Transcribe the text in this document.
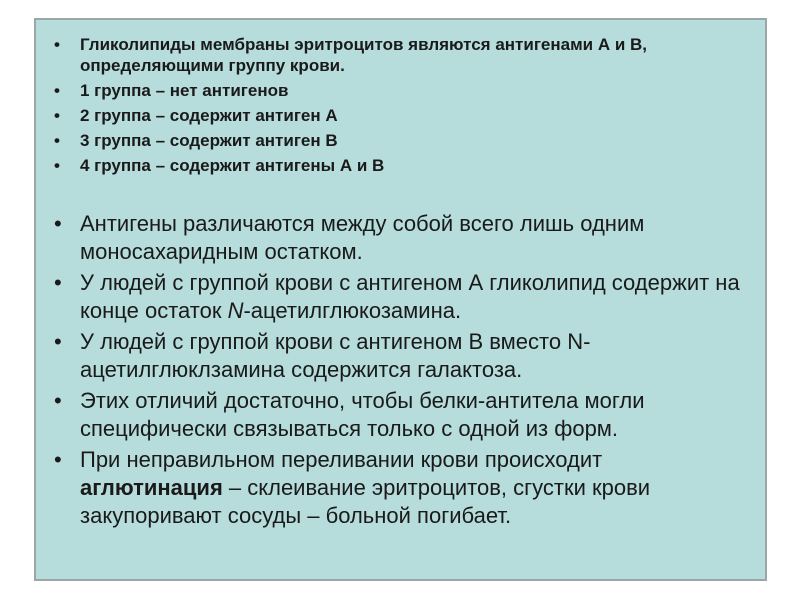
• Гликолипиды мембраны эритроцитов являются антигенами А и В, определяющими группу крови.
• 1 группа – нет антигенов
• 2 группа – содержит антиген А
• 3 группа – содержит антиген В
• 4 группа – содержит антигены А и В
• Антигены различаются между собой всего лишь одним моносахаридным остатком.
• У людей с группой крови с антигеном А гликолипид содержит на конце остаток N-ацетилглюкозамина.
• У людей с группой крови с антигеном В вместо N-ацетилглюклзамина содержится галактоза.
• Этих отличий достаточно, чтобы белки-антитела могли специфически связываться только с одной из форм.
• При неправильном переливании крови происходит аглютинация – склеивание эритроцитов, сгустки крови закупоривают сосуды – больной погибает.
